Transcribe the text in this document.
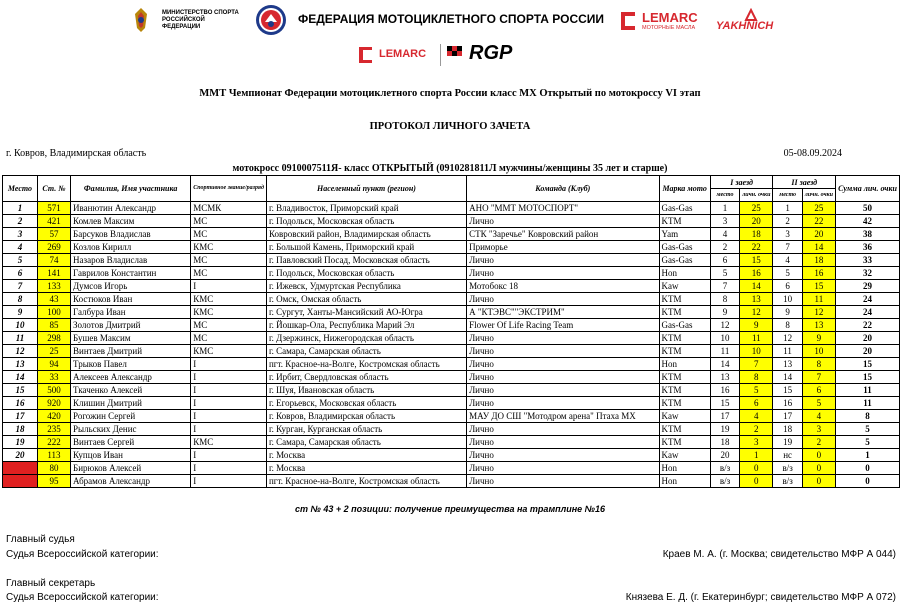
МИНИСТЕРСТВО СПОРТА РОССИЙСКОЙ ФЕДЕРАЦИИ
ФЕДЕРАЦИЯ МОТОЦИКЛЕТНОГО СПОРТА РОССИИ	LEMARC
МОТОРНЫЕ МАСЛА YAKHNICH
LEMARC RGP
ММТ Чемпионат Федерации мотоциклетного спорта России класс МХ Открытый по мотокроссу VI этап
ПРОТОКОЛ ЛИЧНОГО ЗАЧЕТА
г. Ковров, Владимирская область	05-08.09.2024
мотокросс 0910007511Я- класс ОТКРЫТЫЙ (0910281811Л мужчины/женщины 35 лет и старше)
Место	Ст. №	Фамилия, Имя участника	Спортивное звание/разряд	Населенный пункт (регион)	Команда (Клуб)	Марка мото	I заезд		II заезд		Сумма лич. очки
							место	личн. очки	место	личн. очки	
1	571	Иванютин Александр	МСМК	г. Владивосток, Приморский край	АНО "ММТ МОТОСПОРТ"	Gas-Gas	1	25	1	25	50
2	421	Комлев Максим	МС	г. Подольск, Московская область	Лично	KTM	3	20	2	22	42
3	57	Барсуков Владислав	МС	Ковровский район, Владимирская область	СТК "Заречье" Ковровский район	Yam	4	18	3	20	38
4	269	Козлов Кирилл	КМС	г. Большой Камень, Приморский край	Приморье	Gas-Gas	2	22	7	14	36
5	74	Назаров Владислав	МС	г. Павловский Посад, Московская область	Лично	Gas-Gas	6	15	4	18	33
6	141	Гаврилов Константин	МС	г. Подольск, Московская область	Лично	Hon	5	16	5	16	32
7	133	Думсов Игорь	I	г. Ижевск, Удмуртская Республика	Мотобокс 18	Kaw	7	14	6	15	29
8	43	Костюков Иван	КМС	г. Омск, Омская область	Лично	KTM	8	13	10	11	24
9	100	Галбура Иван	КМС	г. Сургут, Ханты-Мансийский АО-Югра	А "КТЭВС""ЭКСТРИМ"	KTM	9	12	9	12	24
10	85	Золотов Дмитрий	МС	г. Йошкар-Ола, Республика Марий Эл	Flower Of Life Racing Team	Gas-Gas	12	9	8	13	22
11	298	Бушев Максим	МС	г. Дзержинск, Нижегородская область	Лично	KTM	10	11	12	9	20
12	25	Винтаев Дмитрий	КМС	г. Самара, Самарская область	Лично	KTM	11	10	11	10	20
13	94	Трыков Павел	I	пгт. Красное-на-Волге, Костромская область	Лично	Hon	14	7	13	8	15
14	33	Алексеев Александр	I	г. Ирбит, Свердловская область	Лично	KTM	13	8	14	7	15
15	500	Ткаченко Алексей	I	г. Шуя, Ивановская область	Лично	KTM	16	5	15	6	11
16	920	Клишин Дмитрий	I	г. Егорьевск, Московская область	Лично	KTM	15	6	16	5	11
17	420	Рогожин Сергей	I	г. Ковров, Владимирская область	МАУ ДО СШ "Мотодром арена" Птаха МХ	Kaw	17	4	17	4	8
18	235	Рыльских Денис	I	г. Курган, Курганская область	Лично	KTM	19	2	18	3	5
19	222	Винтаев Сергей	КМС	г. Самара, Самарская область	Лично	KTM	18	3	19	2	5
20	113	Купцов Иван	I	г. Москва	Лично	Kaw	20	1	нс	0	1
	80	Бирюков Алексей	I	г. Москва	Лично	Hon	в/з	0	в/з	0	0
	95	Абрамов Александр	I	пгт. Красное-на-Волге, Костромская область	Лично	Hon	в/з	0	в/з	0	0
ст № 43 + 2 позиции: получение преимущества на трамплине №16
Главный судья
Судья Всероссийской категории:	Краев М. А. (г. Москва; свидетельство МФР А 044)
Главный секретарь
Судья Всероссийской категории:	Князева Е. Д. (г. Екатеринбург; свидетельство МФР А 072)
